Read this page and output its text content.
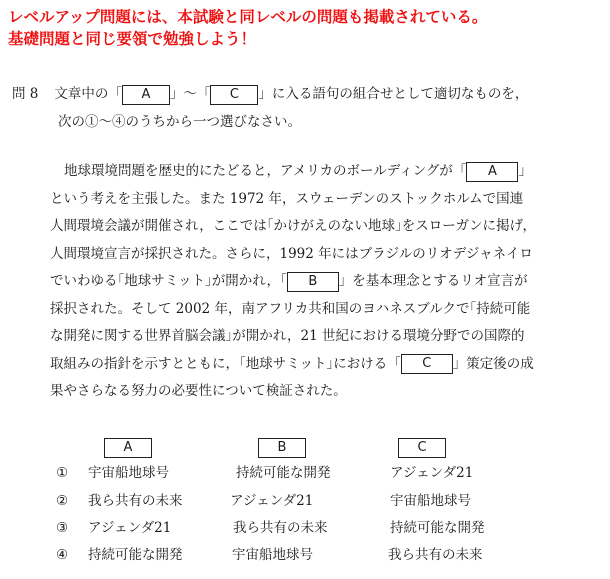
レベルアップ問題には、本試験と同レベルの問題も掲載されている。
基礎問題と同じ要領で勉強しよう！
問 8 文章中の「 A 」～「 C 」に入る語句の組合せとして適切なものを，
次の①～④のうちから一つ選びなさい。
地球環境問題を歴史的にたどると，アメリカのボールディングが「 A 」
という考えを主張した。また 1972 年，スウェーデンのストックホルムで国連
人間環境会議が開催され，ここでは｢かけがえのない地球｣をスローガンに掲げ，
人間環境宣言が採択された。さらに，1992 年にはブラジルのリオデジャネイロ
でいわゆる｢地球サミット｣が開かれ，「 B 」を基本理念とするリオ宣言が
採択された。そして 2002 年，南アフリカ共和国のヨハネスブルクで｢持続可能
な開発に関する世界首脳会議｣が開かれ，21 世紀における環境分野での国際的
取組みの指針を示すとともに，｢地球サミット｣における「 C 」策定後の成
果やさらなる努力の必要性について検証された。
A	B	C
① 宇宙船地球号	持続可能な開発	アジェンダ21
② 我ら共有の未来	アジェンダ21	宇宙船地球号
③ アジェンダ21	我ら共有の未来	持続可能な開発
④ 持続可能な開発	宇宙船地球号	我ら共有の未来
